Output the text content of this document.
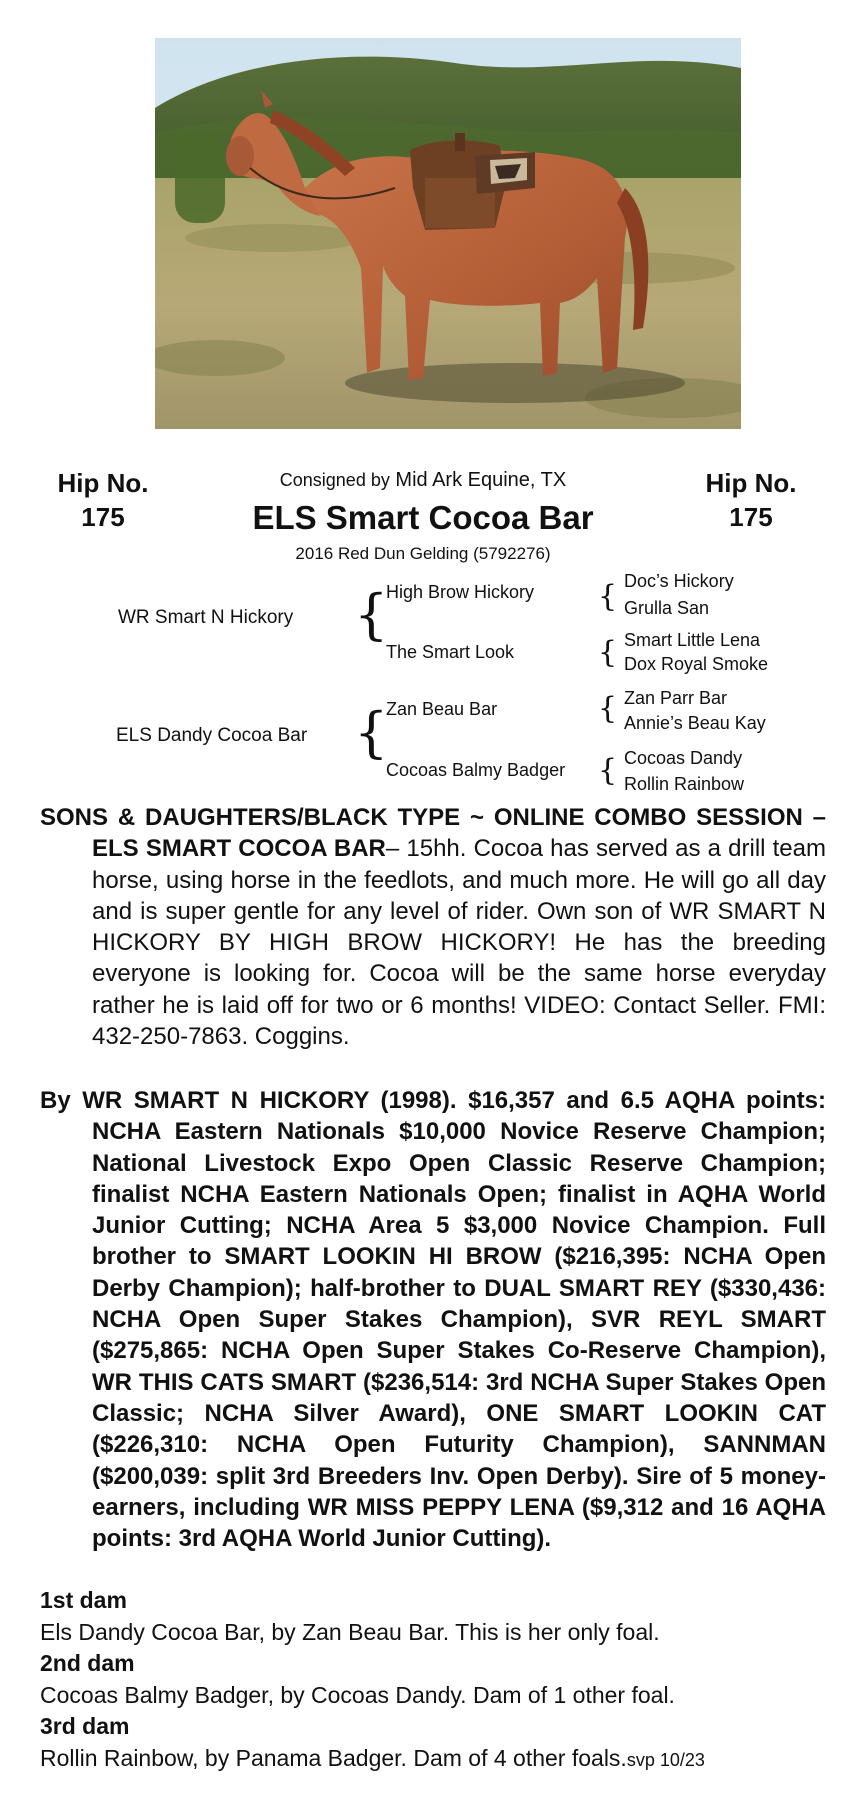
Hip No.
175
Hip No.
175
Consigned by Mid Ark Equine, TX
ELS Smart Cocoa Bar
2016 Red Dun Gelding (5792276)
WR Smart N Hickory {
High Brow Hickory { Doc’s Hickory
Grulla San
The Smart Look	{ Smart Little Lena
Dox Royal Smoke
ELS Dandy Cocoa Bar {
Zan Beau Bar	{ Zan Parr Bar
Annie’s Beau Kay
Cocoas Balmy Badger { Cocoas Dandy
Rollin Rainbow
SONS & DAUGHTERS/BLACK TYPE ~ ONLINE COMBO SESSION – ELS SMART COCOA BAR– 15hh. Cocoa has served as a drill team horse, using horse in the feedlots, and much more. He will go all day and is super gentle for any level of rider. Own son of WR SMART N HICKORY BY HIGH BROW HICKORY! He has the breeding everyone is looking for. Cocoa will be the same horse everyday rather he is laid off for two or 6 months! VIDEO: Contact Seller. FMI: 432-250-7863. Coggins.
By WR SMART N HICKORY (1998). $16,357 and 6.5 AQHA points: NCHA Eastern Nationals $10,000 Novice Reserve Champion; National Livestock Expo Open Classic Reserve Champion; finalist NCHA Eastern Nationals Open; finalist in AQHA World Junior Cutting; NCHA Area 5 $3,000 Novice Champion. Full brother to SMART LOOKIN HI BROW ($216,395: NCHA Open Derby Champion); half-brother to DUAL SMART REY ($330,436: NCHA Open Super Stakes Champion), SVR REYL SMART ($275,865: NCHA Open Super Stakes Co-Reserve Champion), WR THIS CATS SMART ($236,514: 3rd NCHA Super Stakes Open Classic; NCHA Silver Award), ONE SMART LOOKIN CAT ($226,310: NCHA Open Futurity Champion), SANNMAN ($200,039: split 3rd Breeders Inv. Open Derby). Sire of 5 money-earners, including WR MISS PEPPY LENA ($9,312 and 16 AQHA points: 3rd AQHA World Junior Cutting).
1st dam
Els Dandy Cocoa Bar, by Zan Beau Bar. This is her only foal.
2nd dam
Cocoas Balmy Badger, by Cocoas Dandy. Dam of 1 other foal.
3rd dam
Rollin Rainbow, by Panama Badger. Dam of 4 other foals.svp 10/23
